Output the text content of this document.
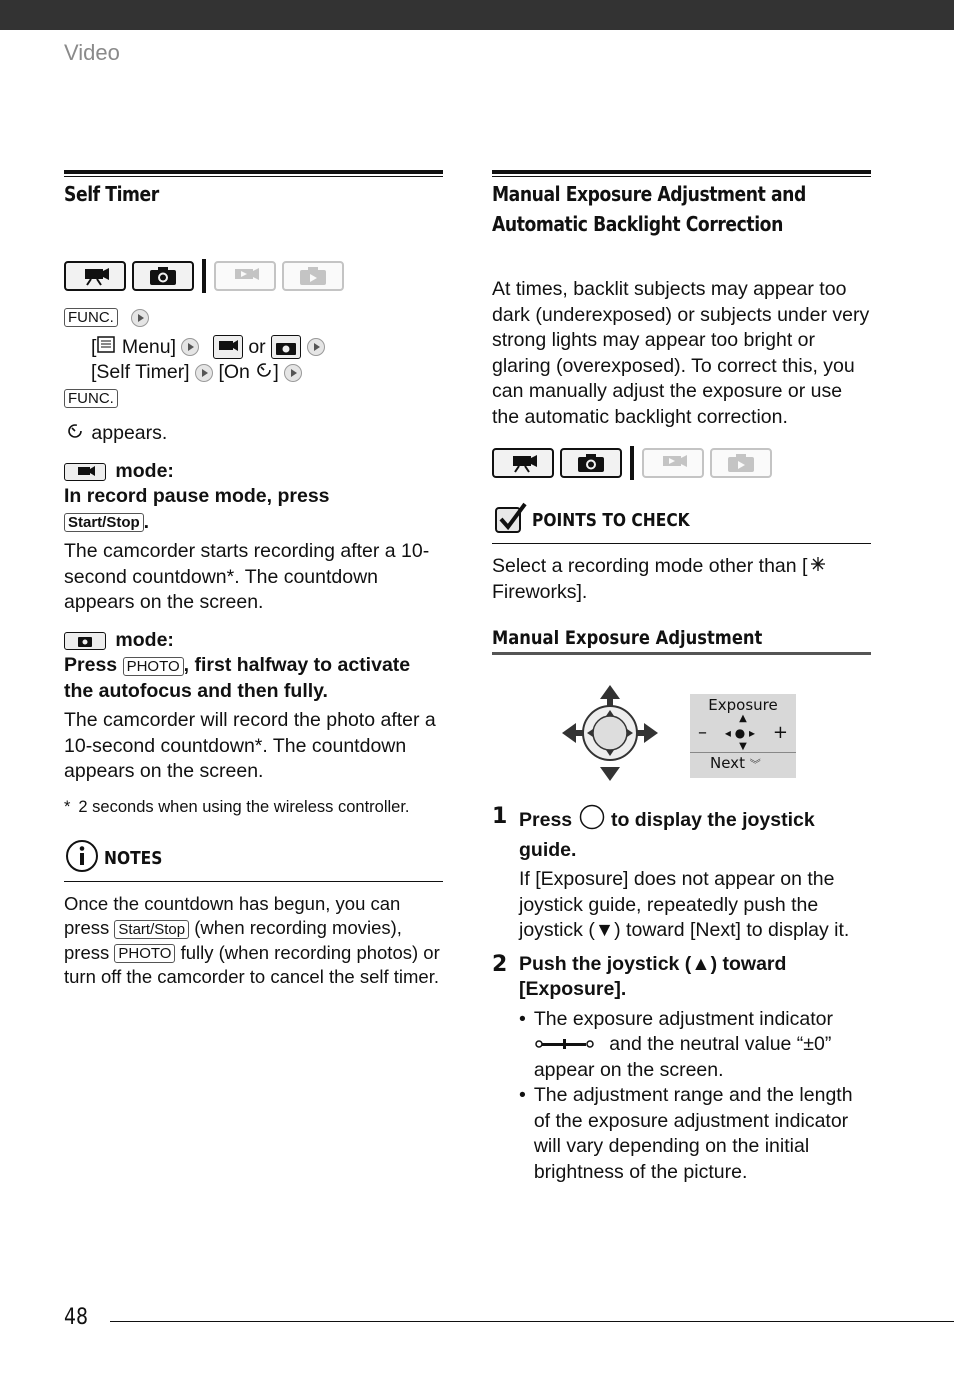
Video
Self Timer
FUNC.
[ Menu]	or

[Self Timer] [On ]
FUNC.
appears.
mode:
In record pause mode, press
Start/Stop .
The camcorder starts recording after a 10-second countdown*. The countdown appears on the screen.
mode:
Press PHOTO , first halfway to activate the autofocus and then fully.
The camcorder will record the photo after a 10-second countdown*. The countdown appears on the screen.
* 2 seconds when using the wireless controller.
NOTES
Once the countdown has begun, you can press Start/Stop (when recording movies), press PHOTO fully (when recording photos) or turn off the camcorder to cancel the self timer.
Manual Exposure Adjustment and
Automatic Backlight Correction
At times, backlit subjects may appear too dark (underexposed) or subjects under very strong lights may appear too bright or glaring (overexposed). To correct this, you can manually adjust the exposure or use the automatic backlight correction.
POINTS TO CHECK
Select a recording mode other than [Fireworks].
Manual Exposure Adjustment
Exposure
▲
– ◂ ● ▸ +
▼
Next ︾
1 Press to display the joystick guide.
If [Exposure] does not appear on the joystick guide, repeatedly push the joystick (▼) toward [Next] to display it.
2 Push the joystick (▲) toward [Exposure].
• The exposure adjustment indicator
and the neutral value “±0” appear on the screen.
• The adjustment range and the length of the exposure adjustment indicator will vary depending on the initial brightness of the picture.
48
